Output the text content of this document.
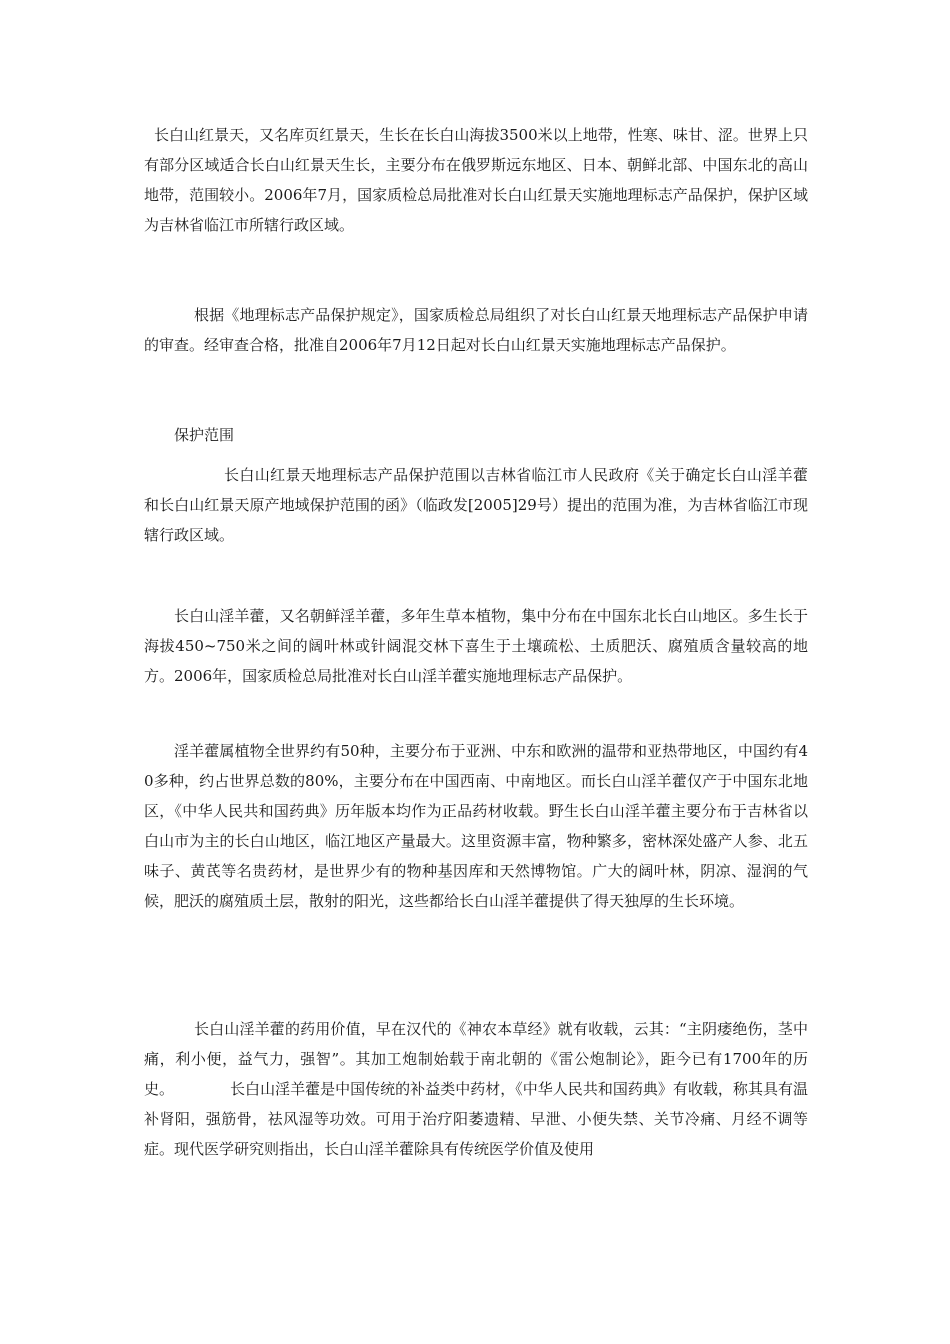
长白山红景天，又名库页红景天，生长在长白山海拔3500米以上地带，性寒、味甘、涩。世界上只有部分区域适合长白山红景天生长，主要分布在俄罗斯远东地区、日本、朝鲜北部、中国东北的高山地带，范围较小。2006年7月，国家质检总局批准对长白山红景天实施地理标志产品保护，保护区域为吉林省临江市所辖行政区域。

根据《地理标志产品保护规定》，国家质检总局组织了对长白山红景天地理标志产品保护申请的审查。经审查合格，批准自2006年7月12日起对长白山红景天实施地理标志产品保护。

保护范围

长白山红景天地理标志产品保护范围以吉林省临江市人民政府《关于确定长白山淫羊藿和长白山红景天原产地域保护范围的函》（临政发[2005]29号）提出的范围为准，为吉林省临江市现辖行政区域。

长白山淫羊藿，又名朝鲜淫羊藿，多年生草本植物，集中分布在中国东北长白山地区。多生长于海拔450~750米之间的阔叶林或针阔混交林下喜生于土壤疏松、土质肥沃、腐殖质含量较高的地方。2006年，国家质检总局批准对长白山淫羊藿实施地理标志产品保护。

淫羊藿属植物全世界约有50种，主要分布于亚洲、中东和欧洲的温带和亚热带地区，中国约有40多种，约占世界总数的80%，主要分布在中国西南、中南地区。而长白山淫羊藿仅产于中国东北地区，《中华人民共和国药典》历年版本均作为正品药材收载。野生长白山淫羊藿主要分布于吉林省以白山市为主的长白山地区，临江地区产量最大。这里资源丰富，物种繁多，密林深处盛产人参、北五味子、黄芪等名贵药材，是世界少有的物种基因库和天然博物馆。广大的阔叶林，阴凉、湿润的气候，肥沃的腐殖质土层，散射的阳光，这些都给长白山淫羊藿提供了得天独厚的生长环境。

长白山淫羊藿的药用价值，早在汉代的《神农本草经》就有收载，云其：“主阴痿绝伤，茎中痛，利小便，益气力，强智”。其加工炮制始载于南北朝的《雷公炮制论》，距今已有1700年的历史。	长白山淫羊藿是中国传统的补益类中药材，《中华人民共和国药典》有收载，称其具有温补肾阳，强筋骨，祛风湿等功效。可用于治疗阳萎遗精、早泄、小便失禁、关节冷痛、月经不调等症。现代医学研究则指出，长白山淫羊藿除具有传统医学价值及使用
